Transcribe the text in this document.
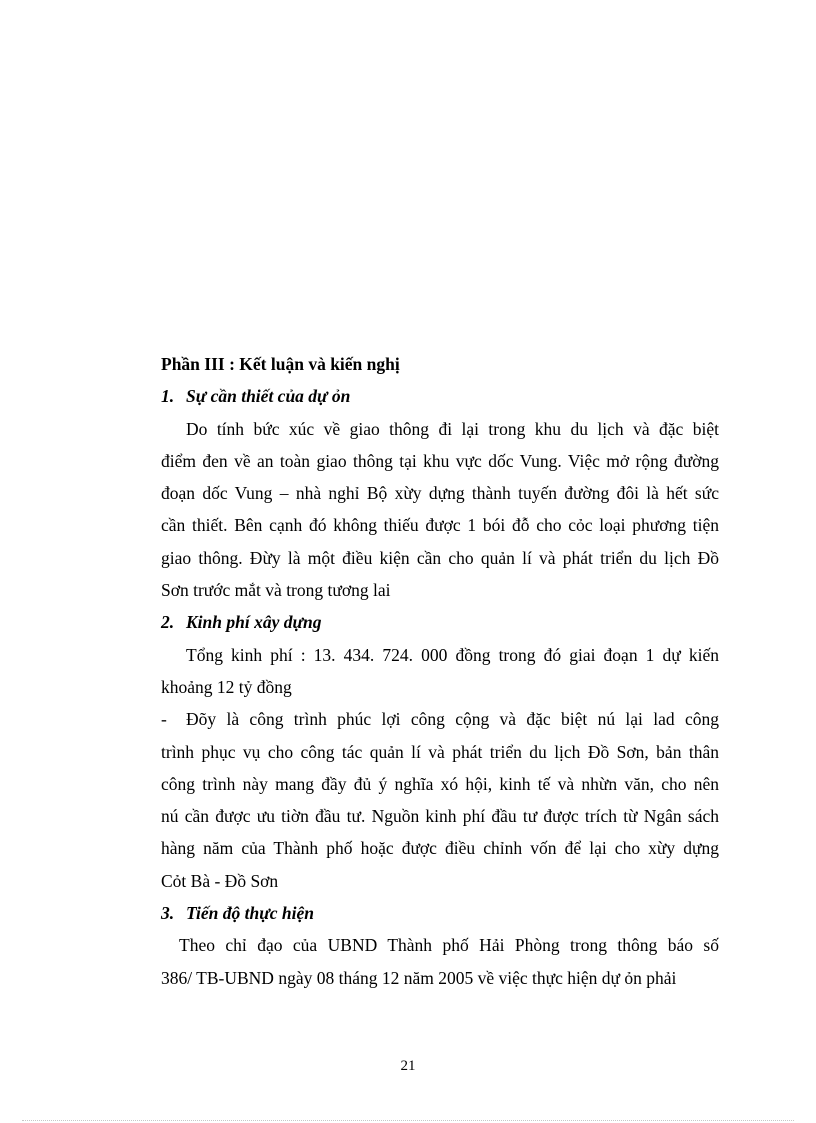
Phần III : Kết luận và kiến nghị
1. Sự cần thiết của dự ỏn
Do tính bức xúc về giao thông đi lại trong khu du lịch và đặc biệt
điểm đen về an toàn giao thông tại khu vực dốc Vung. Việc mở rộng đường
đoạn dốc Vung – nhà nghỉ Bộ xừy dựng thành tuyến đường đôi là hết sức
cần thiết. Bên cạnh đó không thiếu được 1 bói đỗ cho cỏc loại phương tiện
giao thông. Đừy là một điều kiện cần cho quản lí và phát triển du lịch Đồ
Sơn trước mắt và trong tương lai
2. Kinh phí xây dựng
Tổng kinh phí : 13. 434. 724. 000 đồng trong đó giai đoạn 1 dự kiến
khoảng 12 tỷ đồng
-	Đõy là công trình phúc lợi công cộng và đặc biệt nú lại lad công
trình phục vụ cho công tác quản lí và phát triển du lịch Đồ Sơn, bản thân
công trình này mang đầy đủ ý nghĩa xó hội, kinh tế và nhừn văn, cho nên
nú cần được ưu tiờn đầu tư. Nguồn kinh phí đầu tư được trích từ Ngân sách
hàng năm của Thành phố hoặc được điều chỉnh vốn để lại cho xừy dựng
Cỏt Bà - Đồ Sơn
3. Tiến độ thực hiện
Theo chỉ đạo của UBND Thành phố Hải Phòng trong thông báo số
386/ TB-UBND ngày 08 tháng 12 năm 2005 về việc thực hiện dự ỏn phải
21
